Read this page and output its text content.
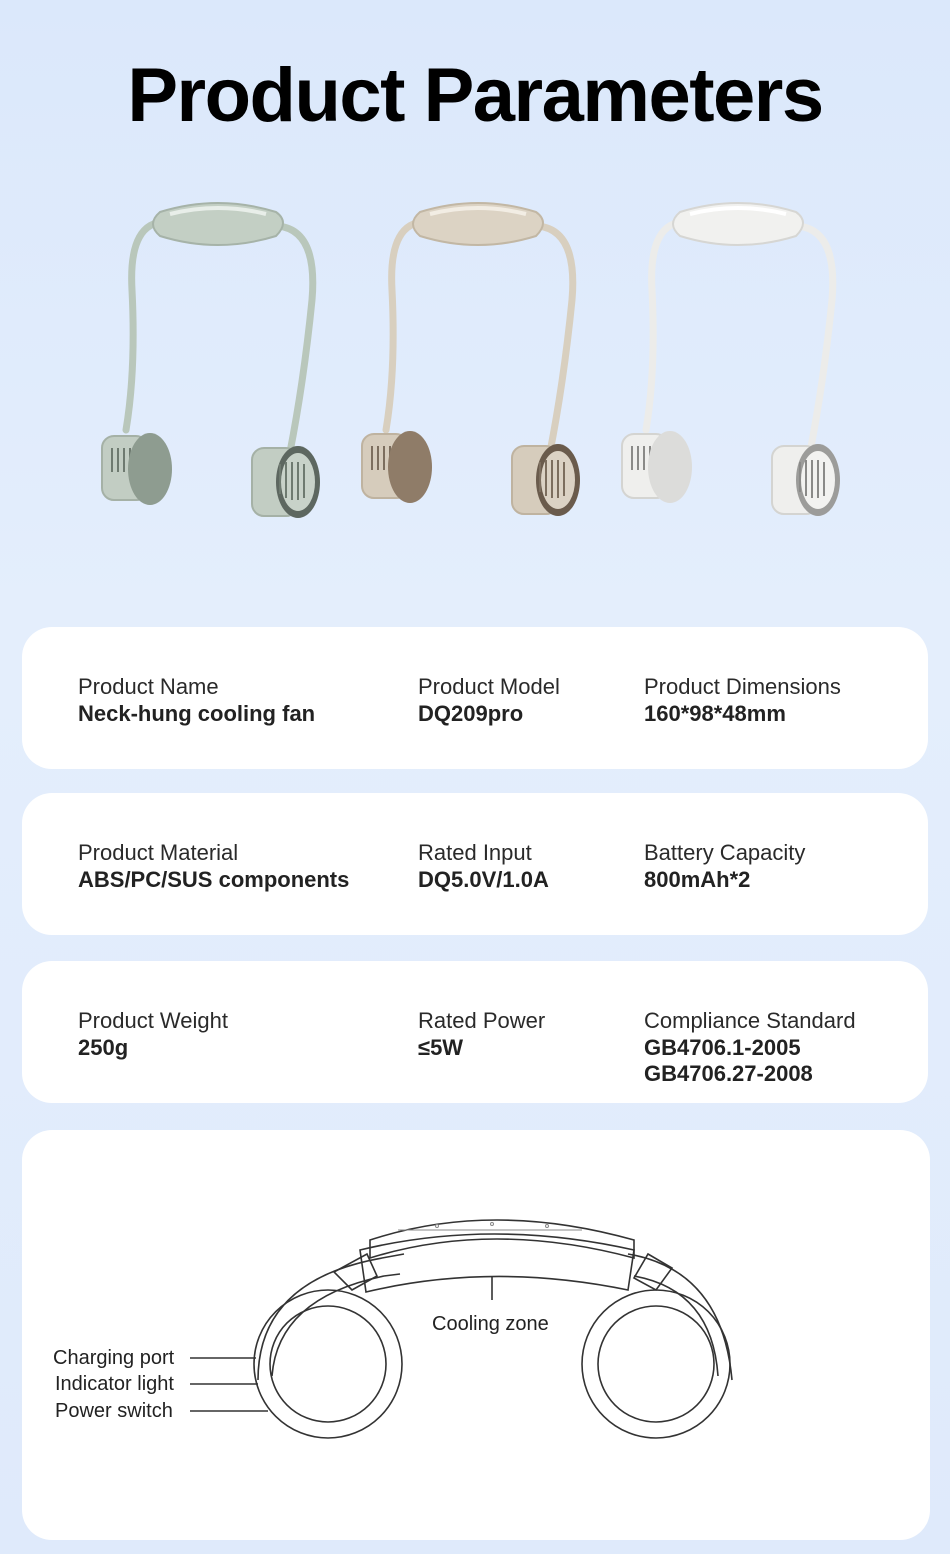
Product Parameters
Product Name
Neck-hung cooling fan
Product Model
DQ209pro
Product Dimensions
160*98*48mm
Product Material
ABS/PC/SUS components
Rated Input
DQ5.0V/1.0A
Battery Capacity
800mAh*2
Product Weight
250g
Rated Power
≤5W
Compliance Standard
GB4706.1-2005
GB4706.27-2008
Cooling zone
Charging port
Indicator light
Power switch
